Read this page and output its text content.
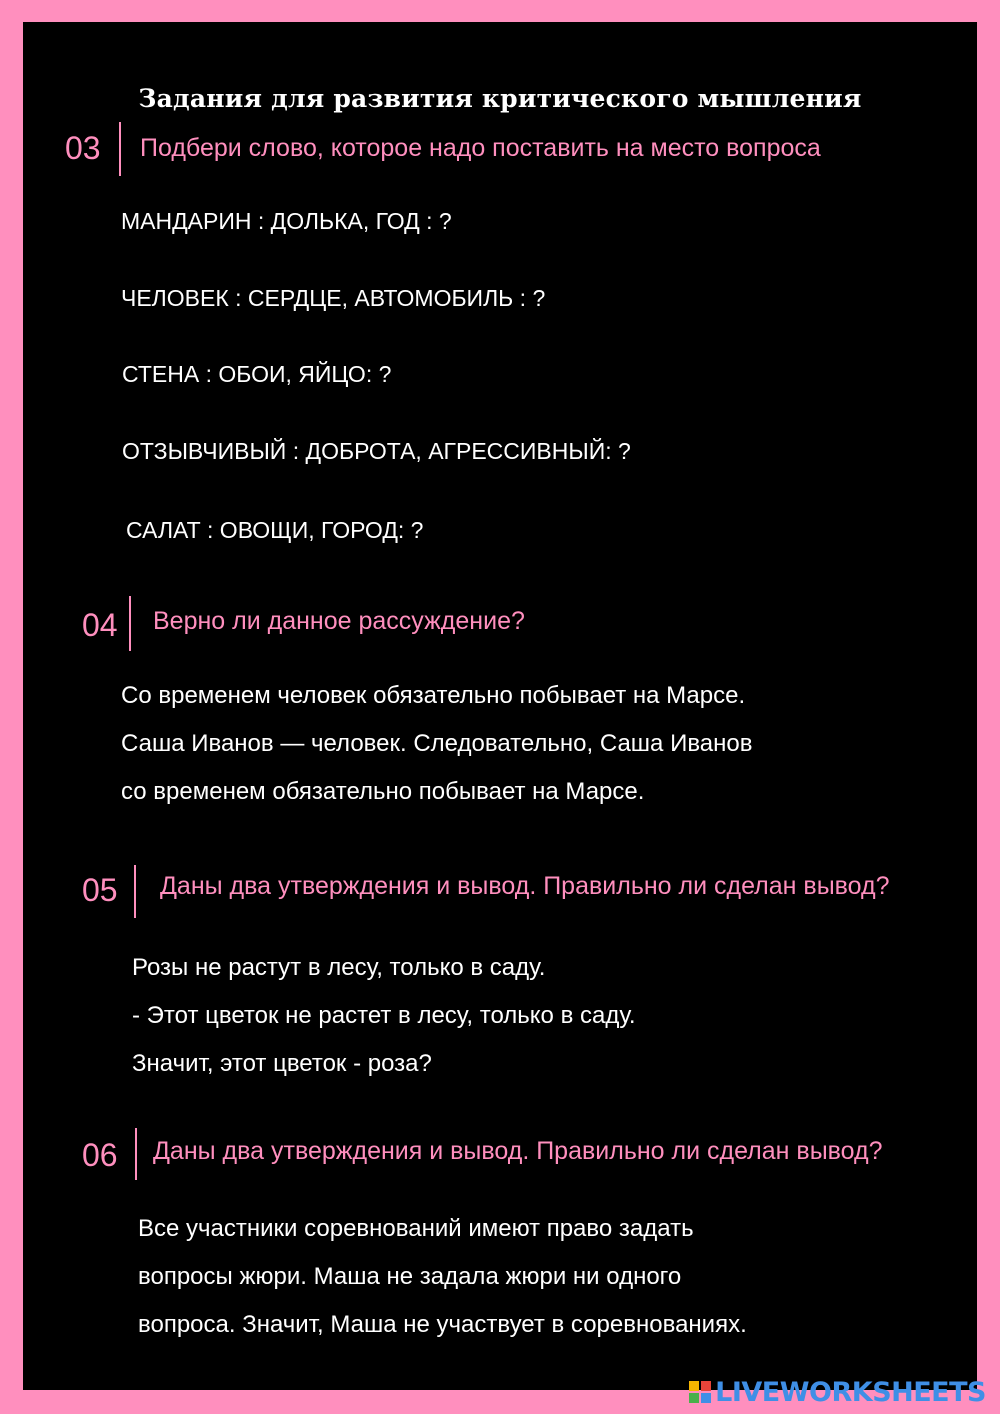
Задания для развития критического мышления
03 Подбери слово, которое надо поставить на место вопроса
МАНДАРИН : ДОЛЬКА, ГОД : ?
ЧЕЛОВЕК : СЕРДЦЕ, АВТОМОБИЛЬ : ?
СТЕНА : ОБОИ, ЯЙЦО: ?
ОТЗЫВЧИВЫЙ : ДОБРОТА, АГРЕССИВНЫЙ: ?
САЛАТ : ОВОЩИ, ГОРОД: ?
04 Верно ли данное рассуждение?
Со временем человек обязательно побывает на Марсе.
Саша Иванов — человек. Следовательно, Саша Иванов
со временем обязательно побывает на Марсе.
05 Даны два утверждения и вывод. Правильно ли сделан вывод?
Розы не растут в лесу, только в саду.
- Этот цветок не растет в лесу, только в саду.
Значит, этот цветок - роза?
06 Даны два утверждения и вывод. Правильно ли сделан вывод?
Все участники соревнований имеют право задать
вопросы жюри. Маша не задала жюри ни одного
вопроса. Значит, Маша не участвует в соревнованиях.
LIVEWORKSHEETS
